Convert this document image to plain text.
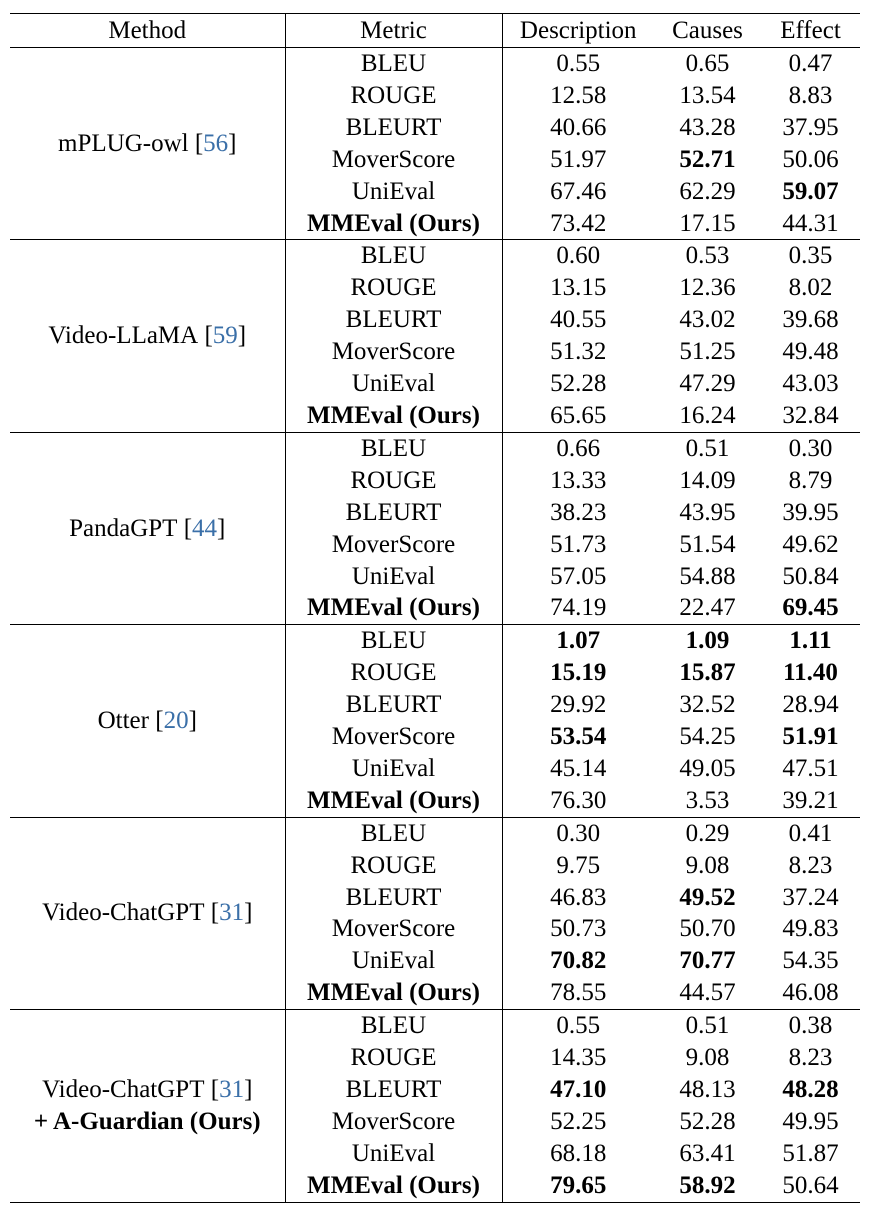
Method	Metric	Description	Causes	Effect

mPLUG-owl [56]	BLEU	0.55	0.65	0.47
	ROUGE	12.58	13.54	8.83
	BLEURT	40.66	43.28	37.95
	MoverScore	51.97	52.71	50.06
	UniEval	67.46	62.29	59.07
	MMEval (Ours)	73.42	17.15	44.31

Video-LLaMA [59]	BLEU	0.60	0.53	0.35
	ROUGE	13.15	12.36	8.02
	BLEURT	40.55	43.02	39.68
	MoverScore	51.32	51.25	49.48
	UniEval	52.28	47.29	43.03
	MMEval (Ours)	65.65	16.24	32.84

PandaGPT [44]	BLEU	0.66	0.51	0.30
	ROUGE	13.33	14.09	8.79
	BLEURT	38.23	43.95	39.95
	MoverScore	51.73	51.54	49.62
	UniEval	57.05	54.88	50.84
	MMEval (Ours)	74.19	22.47	69.45

Otter [20]	BLEU	1.07	1.09	1.11
	ROUGE	15.19	15.87	11.40
	BLEURT	29.92	32.52	28.94
	MoverScore	53.54	54.25	51.91
	UniEval	45.14	49.05	47.51
	MMEval (Ours)	76.30	3.53	39.21

Video-ChatGPT [31]	BLEU	0.30	0.29	0.41
	ROUGE	9.75	9.08	8.23
	BLEURT	46.83	49.52	37.24
	MoverScore	50.73	50.70	49.83
	UniEval	70.82	70.77	54.35
	MMEval (Ours)	78.55	44.57	46.08

Video-ChatGPT [31]
+ A-Guardian (Ours)	BLEU	0.55	0.51	0.38
	ROUGE	14.35	9.08	8.23
	BLEURT	47.10	48.13	48.28
	MoverScore	52.25	52.28	49.95
	UniEval	68.18	63.41	51.87
	MMEval (Ours)	79.65	58.92	50.64
